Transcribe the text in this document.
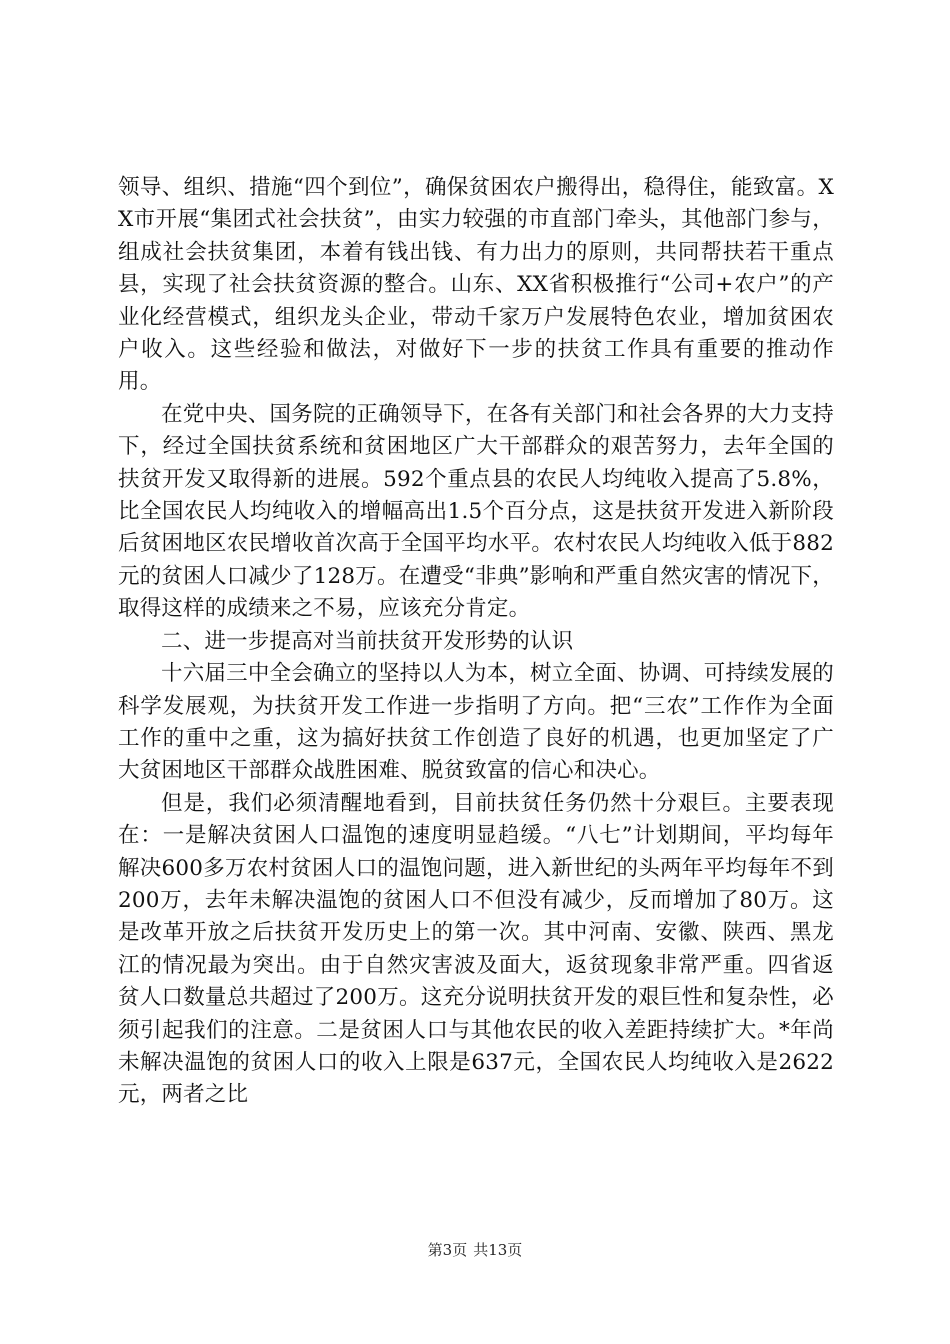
领导、组织、措施“四个到位”，确保贫困农户搬得出，稳得住，能致富。XX市开展“集团式社会扶贫”，由实力较强的市直部门牵头，其他部门参与，组成社会扶贫集团，本着有钱出钱、有力出力的原则，共同帮扶若干重点县，实现了社会扶贫资源的整合。山东、XX省积极推行“公司+农户”的产业化经营模式，组织龙头企业，带动千家万户发展特色农业，增加贫困农户收入。这些经验和做法，对做好下一步的扶贫工作具有重要的推动作用。

在党中央、国务院的正确领导下，在各有关部门和社会各界的大力支持下，经过全国扶贫系统和贫困地区广大干部群众的艰苦努力，去年全国的扶贫开发又取得新的进展。592个重点县的农民人均纯收入提高了5.8%，比全国农民人均纯收入的增幅高出1.5个百分点，这是扶贫开发进入新阶段后贫困地区农民增收首次高于全国平均水平。农村农民人均纯收入低于882元的贫困人口减少了128万。在遭受“非典”影响和严重自然灾害的情况下，取得这样的成绩来之不易，应该充分肯定。

二、进一步提高对当前扶贫开发形势的认识

十六届三中全会确立的坚持以人为本，树立全面、协调、可持续发展的科学发展观，为扶贫开发工作进一步指明了方向。把“三农”工作作为全面工作的重中之重，这为搞好扶贫工作创造了良好的机遇，也更加坚定了广大贫困地区干部群众战胜困难、脱贫致富的信心和决心。

但是，我们必须清醒地看到，目前扶贫任务仍然十分艰巨。主要表现在：一是解决贫困人口温饱的速度明显趋缓。“八七”计划期间，平均每年解决600多万农村贫困人口的温饱问题，进入新世纪的头两年平均每年不到200万，去年未解决温饱的贫困人口不但没有减少，反而增加了80万。这是改革开放之后扶贫开发历史上的第一次。其中河南、安徽、陕西、黑龙江的情况最为突出。由于自然灾害波及面大，返贫现象非常严重。四省返贫人口数量总共超过了200万。这充分说明扶贫开发的艰巨性和复杂性，必须引起我们的注意。二是贫困人口与其他农民的收入差距持续扩大。*年尚未解决温饱的贫困人口的收入上限是637元，全国农民人均纯收入是2622元，两者之比

第3页 共13页
